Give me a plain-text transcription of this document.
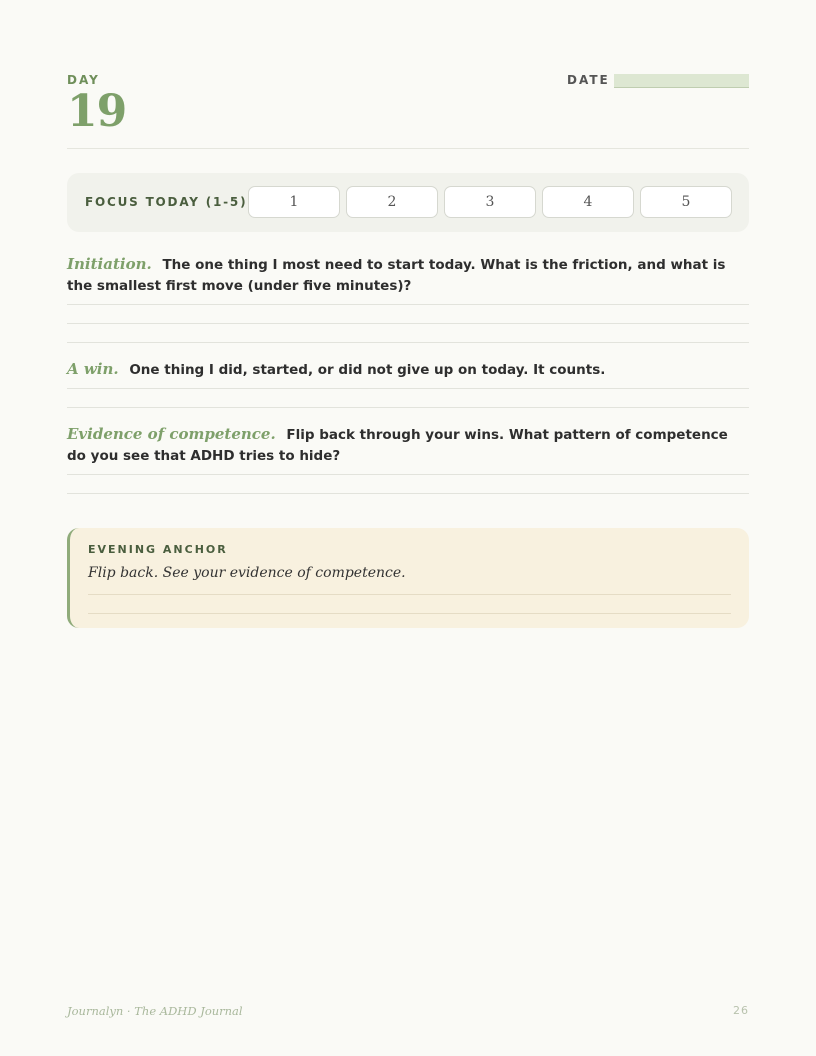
DAY
19
DATE
FOCUS TODAY (1-5)	1	2	3	4	5

Initiation. The one thing I most need to start today. What is the friction, and what is the smallest first move (under five minutes)?

A win. One thing I did, started, or did not give up on today. It counts.

Evidence of competence. Flip back through your wins. What pattern of competence do you see that ADHD tries to hide?

EVENING ANCHOR
Flip back. See your evidence of competence.
Journalyn · The ADHD Journal	26
